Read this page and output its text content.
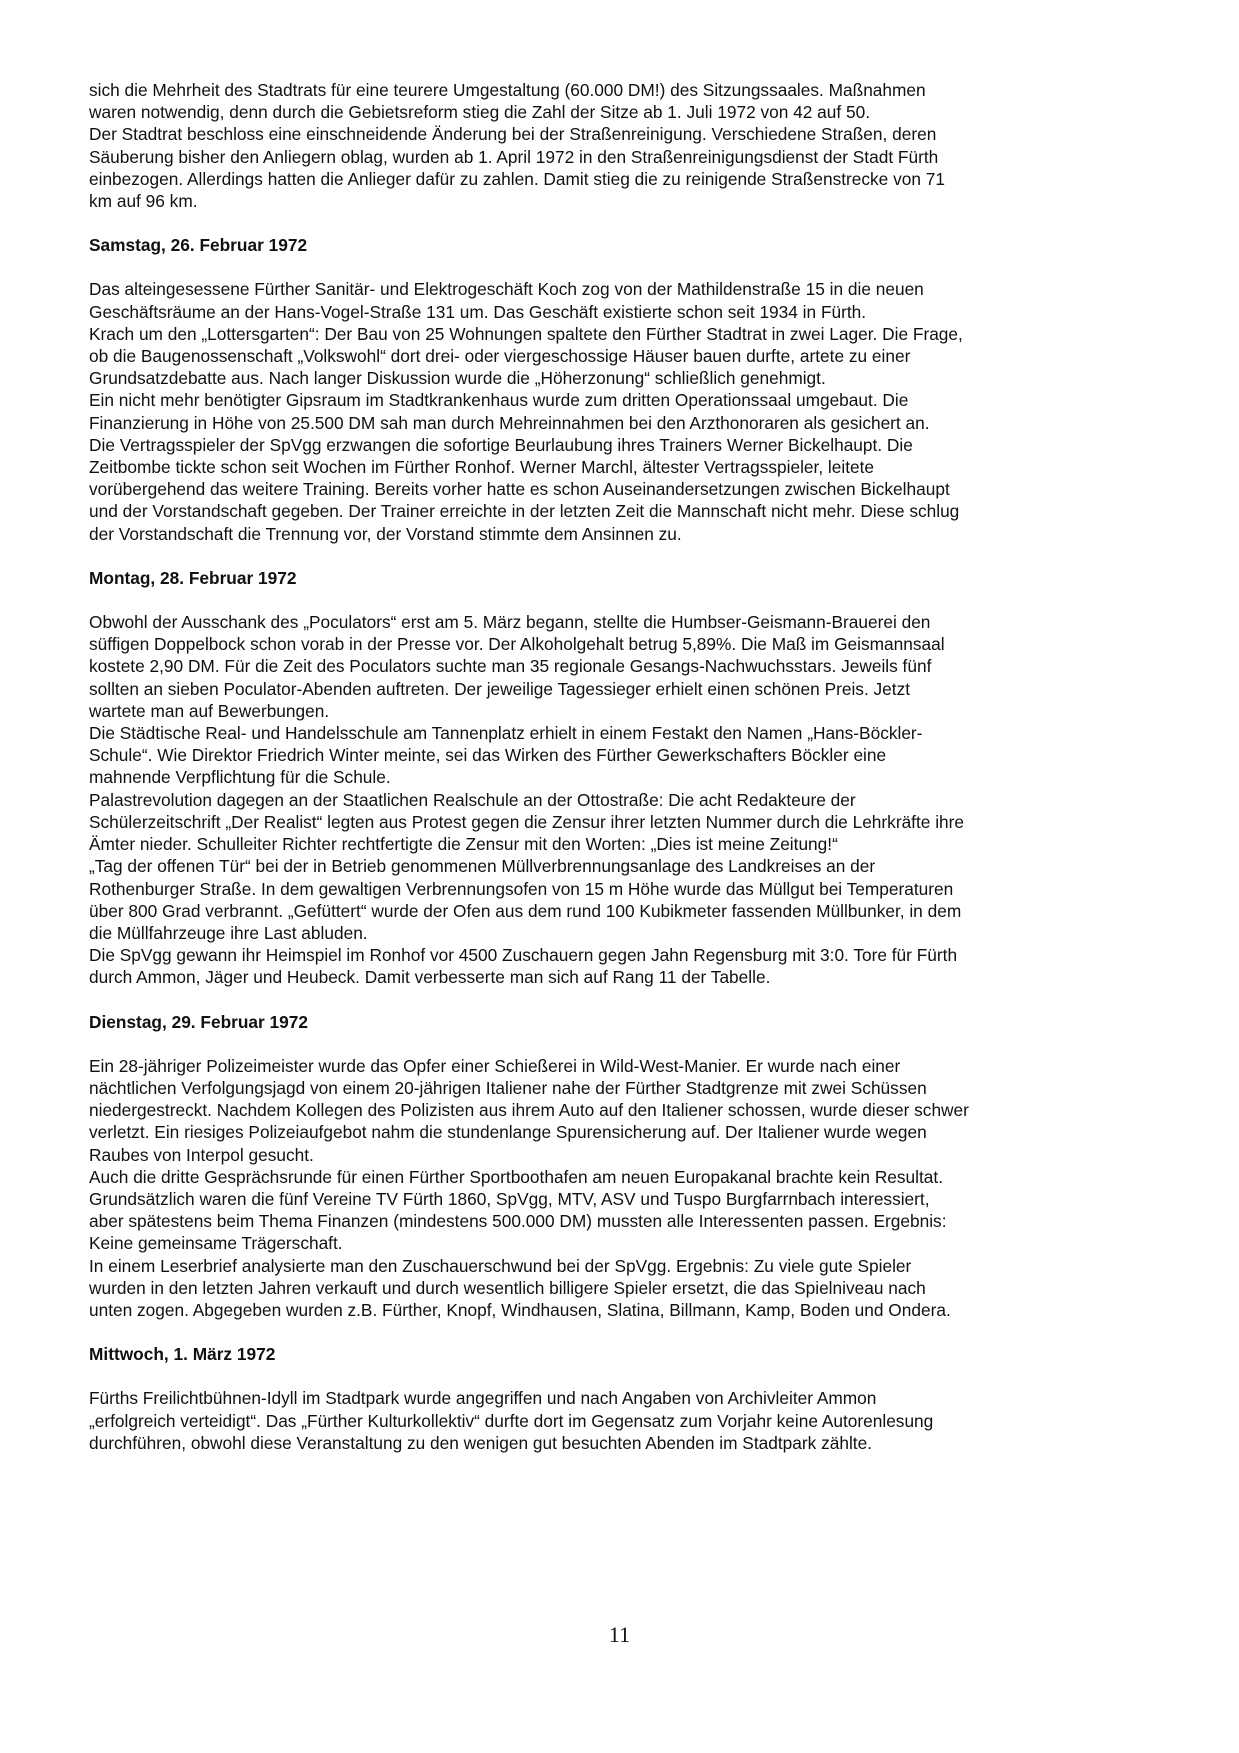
sich die Mehrheit des Stadtrats für eine teurere Umgestaltung (60.000 DM!) des Sitzungssaales. Maßnahmen
waren notwendig, denn durch die Gebietsreform stieg die Zahl der Sitze ab 1. Juli 1972 von 42 auf 50.
Der Stadtrat beschloss eine einschneidende Änderung bei der Straßenreinigung. Verschiedene Straßen, deren
Säuberung bisher den Anliegern oblag, wurden ab 1. April 1972 in den Straßenreinigungsdienst der Stadt Fürth
einbezogen. Allerdings hatten die Anlieger dafür zu zahlen. Damit stieg die zu reinigende Straßenstrecke von 71
km auf 96 km.
Samstag, 26. Februar 1972
Das alteingesessene Fürther Sanitär- und Elektrogeschäft Koch zog von der Mathildenstraße 15 in die neuen
Geschäftsräume an der Hans-Vogel-Straße 131 um. Das Geschäft existierte schon seit 1934 in Fürth.
Krach um den „Lottersgarten“: Der Bau von 25 Wohnungen spaltete den Fürther Stadtrat in zwei Lager. Die Frage,
ob die Baugenossenschaft „Volkswohl“ dort drei- oder viergeschossige Häuser bauen durfte, artete zu einer
Grundsatzdebatte aus. Nach langer Diskussion wurde die „Höherzonung“ schließlich genehmigt.
Ein nicht mehr benötigter Gipsraum im Stadtkrankenhaus wurde zum dritten Operationssaal umgebaut. Die
Finanzierung in Höhe von 25.500 DM sah man durch Mehreinnahmen bei den Arzthonoraren als gesichert an.
Die Vertragsspieler der SpVgg erzwangen die sofortige Beurlaubung ihres Trainers Werner Bickelhaupt. Die
Zeitbombe tickte schon seit Wochen im Fürther Ronhof. Werner Marchl, ältester Vertragsspieler, leitete
vorübergehend das weitere Training. Bereits vorher hatte es schon Auseinandersetzungen zwischen Bickelhaupt
und der Vorstandschaft gegeben. Der Trainer erreichte in der letzten Zeit die Mannschaft nicht mehr. Diese schlug
der Vorstandschaft die Trennung vor, der Vorstand stimmte dem Ansinnen zu.
Montag, 28. Februar 1972
Obwohl der Ausschank des „Poculators“ erst am 5. März begann, stellte die Humbser-Geismann-Brauerei den
süffigen Doppelbock schon vorab in der Presse vor. Der Alkoholgehalt betrug 5,89%. Die Maß im Geismannsaal
kostete 2,90 DM. Für die Zeit des Poculators suchte man 35 regionale Gesangs-Nachwuchsstars. Jeweils fünf
sollten an sieben Poculator-Abenden auftreten. Der jeweilige Tagessieger erhielt einen schönen Preis. Jetzt
wartete man auf Bewerbungen.
Die Städtische Real- und Handelsschule am Tannenplatz erhielt in einem Festakt den Namen „Hans-Böckler-
Schule“. Wie Direktor Friedrich Winter meinte, sei das Wirken des Fürther Gewerkschafters Böckler eine
mahnende Verpflichtung für die Schule.
Palastrevolution dagegen an der Staatlichen Realschule an der Ottostraße: Die acht Redakteure der
Schülerzeitschrift „Der Realist“ legten aus Protest gegen die Zensur ihrer letzten Nummer durch die Lehrkräfte ihre
Ämter nieder. Schulleiter Richter rechtfertigte die Zensur mit den Worten: „Dies ist meine Zeitung!“
„Tag der offenen Tür“ bei der in Betrieb genommenen Müllverbrennungsanlage des Landkreises an der
Rothenburger Straße. In dem gewaltigen Verbrennungsofen von 15 m Höhe wurde das Müllgut bei Temperaturen
über 800 Grad verbrannt. „Gefüttert“ wurde der Ofen aus dem rund 100 Kubikmeter fassenden Müllbunker, in dem
die Müllfahrzeuge ihre Last abluden.
Die SpVgg gewann ihr Heimspiel im Ronhof vor 4500 Zuschauern gegen Jahn Regensburg mit 3:0. Tore für Fürth
durch Ammon, Jäger und Heubeck. Damit verbesserte man sich auf Rang 11 der Tabelle.
Dienstag, 29. Februar 1972
Ein 28-jähriger Polizeimeister wurde das Opfer einer Schießerei in Wild-West-Manier. Er wurde nach einer
nächtlichen Verfolgungsjagd von einem 20-jährigen Italiener nahe der Fürther Stadtgrenze mit zwei Schüssen
niedergestreckt. Nachdem Kollegen des Polizisten aus ihrem Auto auf den Italiener schossen, wurde dieser schwer
verletzt. Ein riesiges Polizeiaufgebot nahm die stundenlange Spurensicherung auf. Der Italiener wurde wegen
Raubes von Interpol gesucht.
Auch die dritte Gesprächsrunde für einen Fürther Sportboothafen am neuen Europakanal brachte kein Resultat.
Grundsätzlich waren die fünf Vereine TV Fürth 1860, SpVgg, MTV, ASV und Tuspo Burgfarrnbach interessiert,
aber spätestens beim Thema Finanzen (mindestens 500.000 DM) mussten alle Interessenten passen. Ergebnis:
Keine gemeinsame Trägerschaft.
In einem Leserbrief analysierte man den Zuschauerschwund bei der SpVgg. Ergebnis: Zu viele gute Spieler
wurden in den letzten Jahren verkauft und durch wesentlich billigere Spieler ersetzt, die das Spielniveau nach
unten zogen. Abgegeben wurden z.B. Fürther, Knopf, Windhausen, Slatina, Billmann, Kamp, Boden und Ondera.
Mittwoch, 1. März 1972
Fürths Freilichtbühnen-Idyll im Stadtpark wurde angegriffen und nach Angaben von Archivleiter Ammon
„erfolgreich verteidigt“. Das „Fürther Kulturkollektiv“ durfte dort im Gegensatz zum Vorjahr keine Autorenlesung
durchführen, obwohl diese Veranstaltung zu den wenigen gut besuchten Abenden im Stadtpark zählte.
11
